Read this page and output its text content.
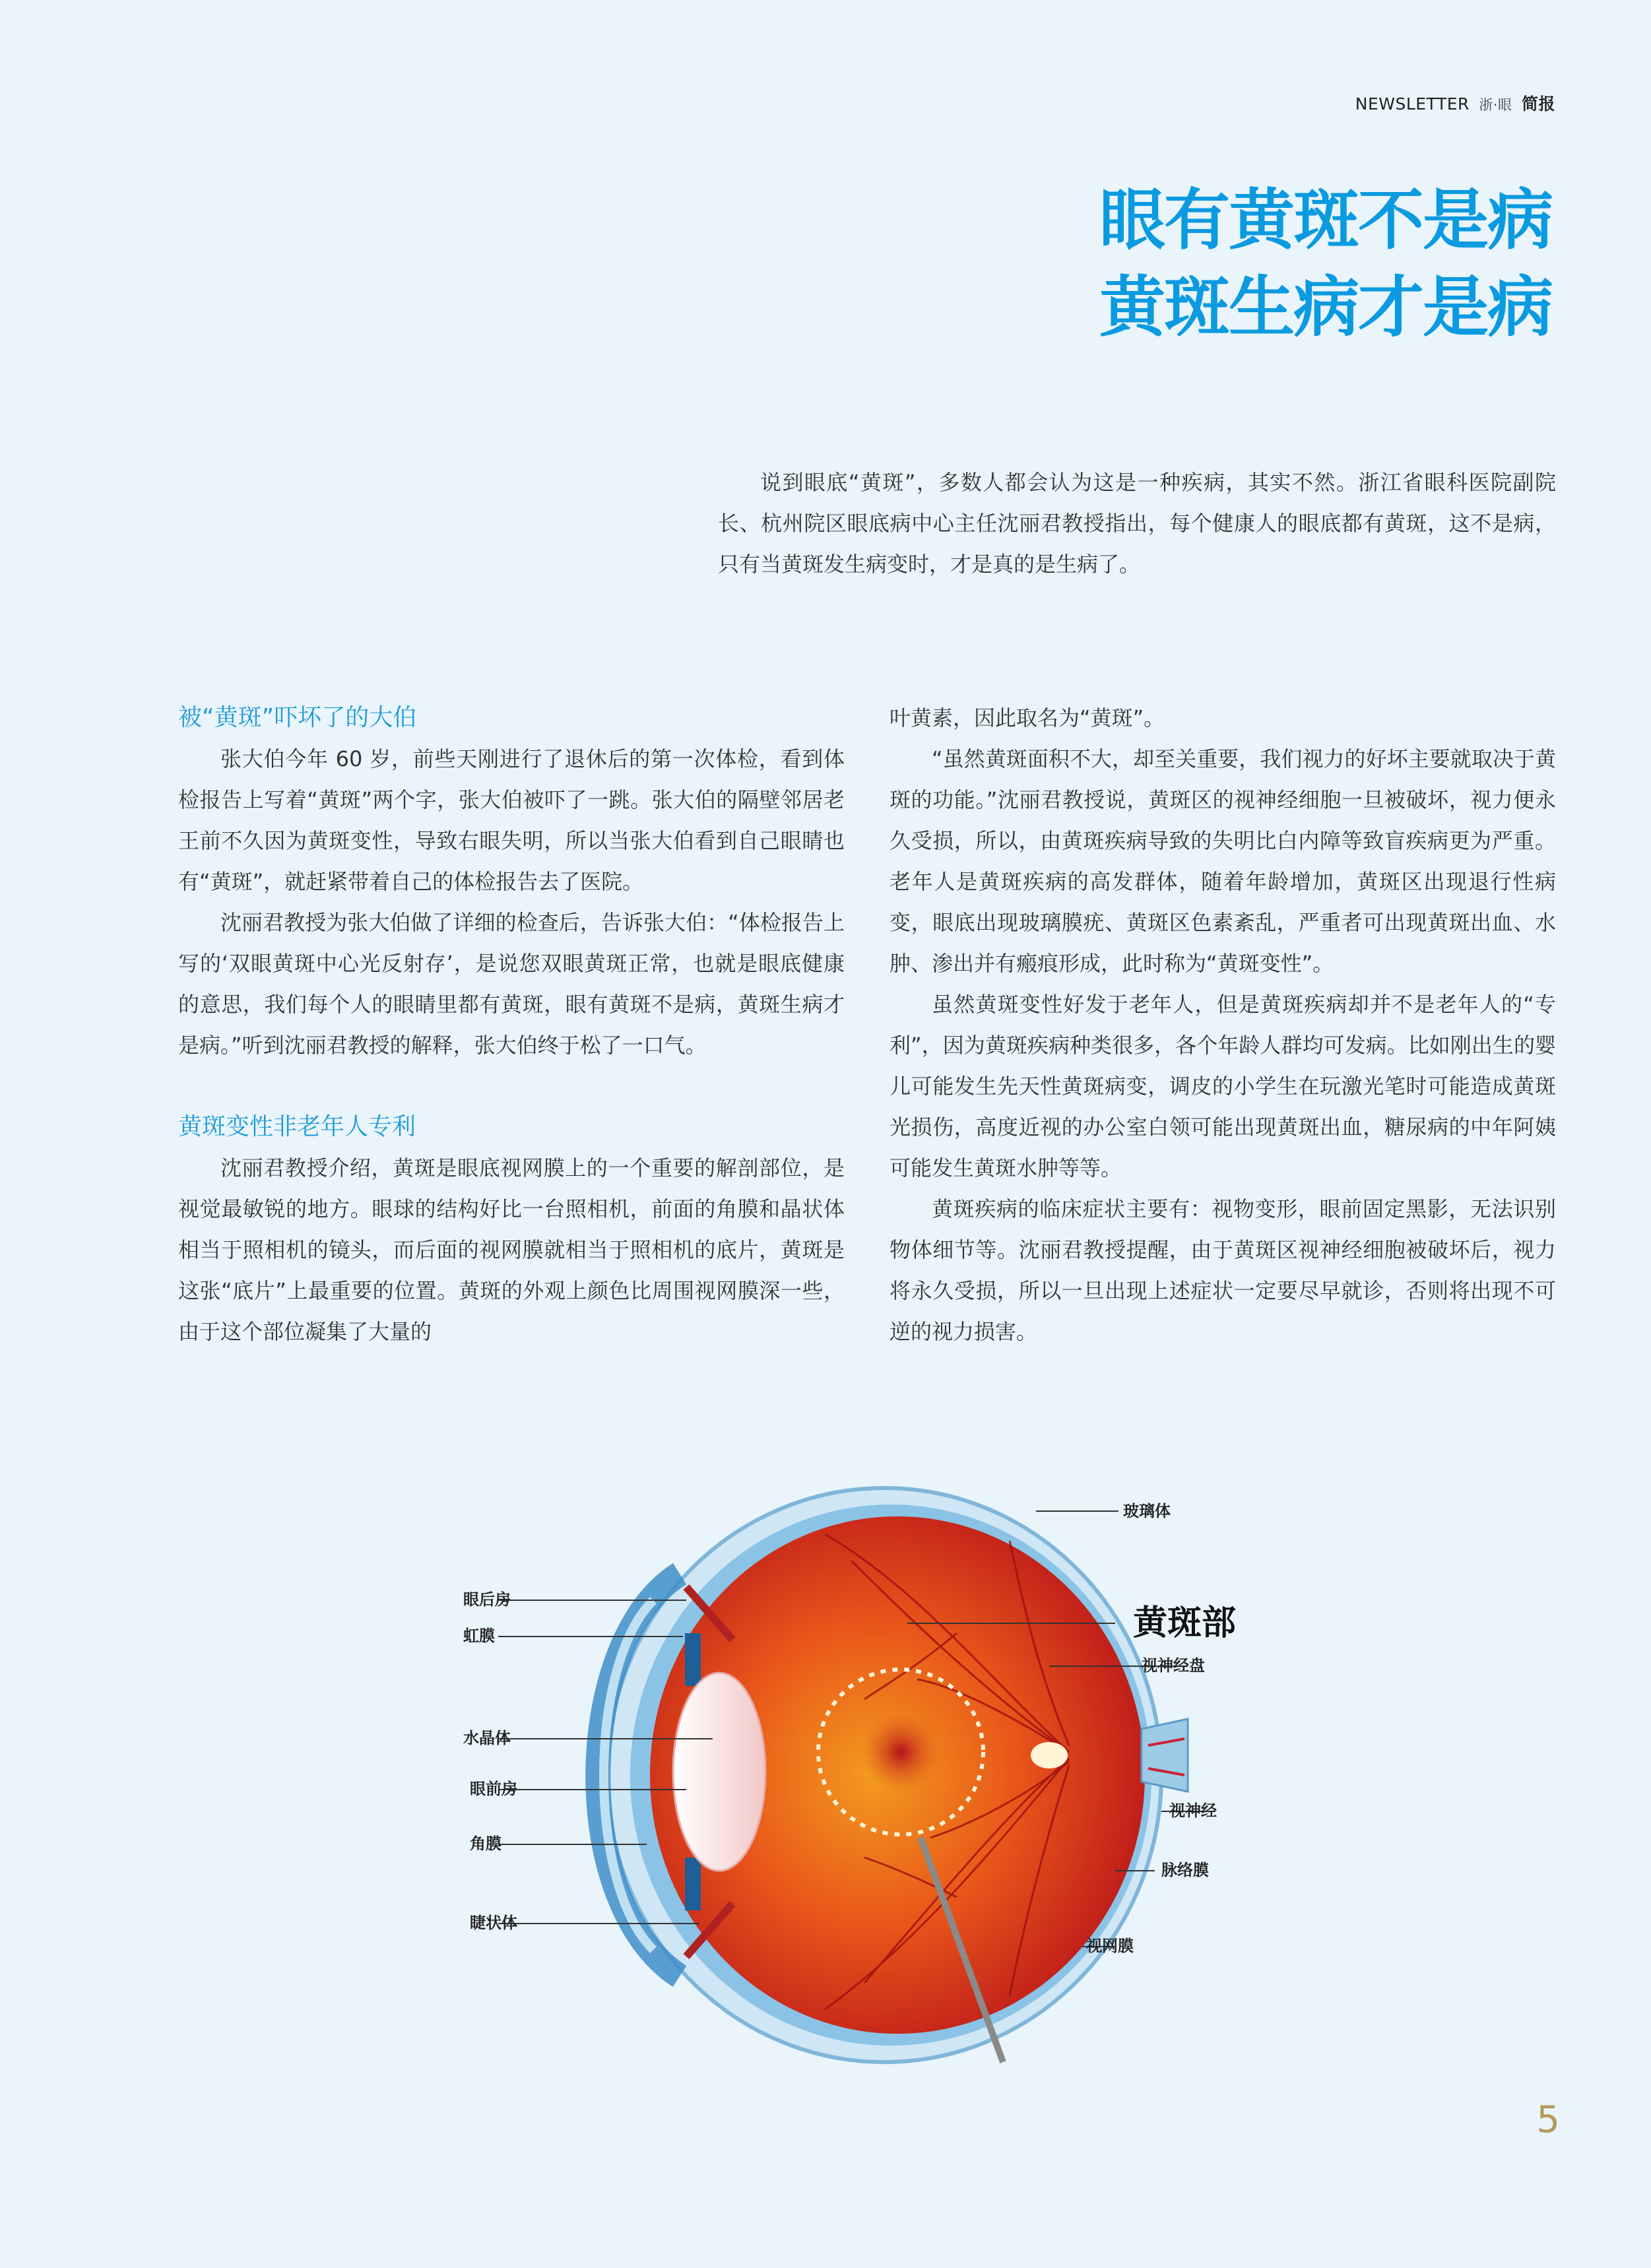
NEWSLETTER 浙·眼 简报
眼有黄斑不是病
黄斑生病才是病
说到眼底“黄斑”，多数人都会认为这是一种疾病，其实不然。浙江省眼科医院副院长、杭州院区眼底病中心主任沈丽君教授指出，每个健康人的眼底都有黄斑，这不是病，只有当黄斑发生病变时，才是真的是生病了。
被“黄斑”吓坏了的大伯

张大伯今年 60 岁，前些天刚进行了退休后的第一次体检，看到体检报告上写着“黄斑”两个字，张大伯被吓了一跳。张大伯的隔壁邻居老王前不久因为黄斑变性，导致右眼失明，所以当张大伯看到自己眼睛也有“黄斑”，就赶紧带着自己的体检报告去了医院。

沈丽君教授为张大伯做了详细的检查后，告诉张大伯：“体检报告上写的‘双眼黄斑中心光反射存’，是说您双眼黄斑正常，也就是眼底健康的意思，我们每个人的眼睛里都有黄斑，眼有黄斑不是病，黄斑生病才是病。”听到沈丽君教授的解释，张大伯终于松了一口气。

黄斑变性非老年人专利

沈丽君教授介绍，黄斑是眼底视网膜上的一个重要的解剖部位，是视觉最敏锐的地方。眼球的结构好比一台照相机，前面的角膜和晶状体相当于照相机的镜头，而后面的视网膜就相当于照相机的底片，黄斑是这张“底片”上最重要的位置。黄斑的外观上颜色比周围视网膜深一些，由于这个部位凝集了大量的

叶黄素，因此取名为“黄斑”。

“虽然黄斑面积不大，却至关重要，我们视力的好坏主要就取决于黄斑的功能。”沈丽君教授说，黄斑区的视神经细胞一旦被破坏，视力便永久受损，所以，由黄斑疾病导致的失明比白内障等致盲疾病更为严重。老年人是黄斑疾病的高发群体，随着年龄增加，黄斑区出现退行性病变，眼底出现玻璃膜疣、黄斑区色素紊乱，严重者可出现黄斑出血、水肿、渗出并有瘢痕形成，此时称为“黄斑变性”。

虽然黄斑变性好发于老年人，但是黄斑疾病却并不是老年人的“专利”，因为黄斑疾病种类很多，各个年龄人群均可发病。比如刚出生的婴儿可能发生先天性黄斑病变，调皮的小学生在玩激光笔时可能造成黄斑光损伤，高度近视的办公室白领可能出现黄斑出血，糖尿病的中年阿姨可能发生黄斑水肿等等。

黄斑疾病的临床症状主要有：视物变形，眼前固定黑影，无法识别物体细节等。沈丽君教授提醒，由于黄斑区视神经细胞被破坏后，视力将永久受损，所以一旦出现上述症状一定要尽早就诊，否则将出现不可逆的视力损害。

玻璃体
黄斑部
视神经盘
眼后房
虹膜
水晶体
眼前房
角膜
睫状体
视神经
脉络膜
视网膜
5
